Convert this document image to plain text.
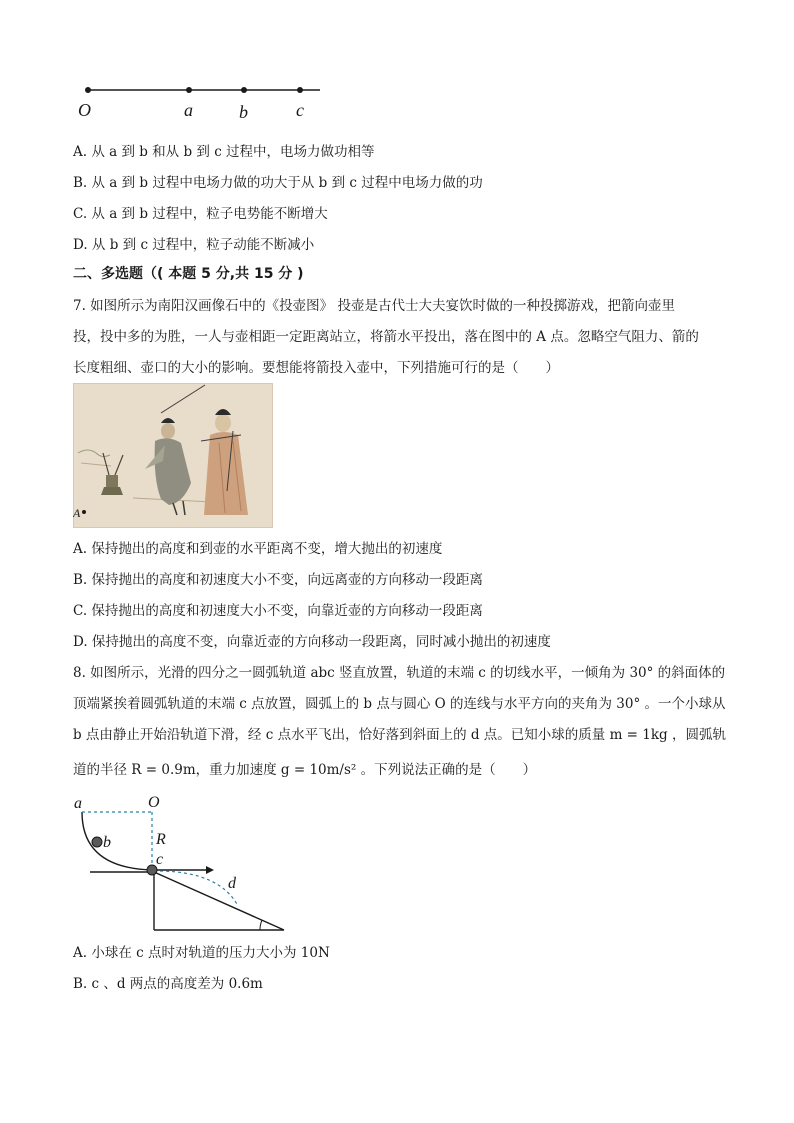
O	a	b	c
A. 从 a 到 b 和从 b 到 c 过程中，电场力做功相等
B. 从 a 到 b 过程中电场力做的功大于从 b 到 c 过程中电场力做的功
C. 从 a 到 b 过程中，粒子电势能不断增大
D. 从 b 到 c 过程中，粒子动能不断减小
二、多选题（( 本题 5 分,共 15 分 )
7. 如图所示为南阳汉画像石中的《投壶图》 投壶是古代士大夫宴饮时做的一种投掷游戏，把箭向壶里
投，投中多的为胜，一人与壶相距一定距离站立，将箭水平投出，落在图中的 A 点。忽略空气阻力、箭的
长度粗细、壶口的大小的影响。要想能将箭投入壶中，下列措施可行的是（　　）
A
A. 保持抛出的高度和到壶的水平距离不变，增大抛出的初速度
B. 保持抛出的高度和初速度大小不变，向远离壶的方向移动一段距离
C. 保持抛出的高度和初速度大小不变，向靠近壶的方向移动一段距离
D. 保持抛出的高度不变，向靠近壶的方向移动一段距离，同时减小抛出的初速度
8. 如图所示，光滑的四分之一圆弧轨道 abc 竖直放置，轨道的末端 c 的切线水平，一倾角为 30° 的斜面体的
顶端紧挨着圆弧轨道的末端 c 点放置，圆弧上的 b 点与圆心 O 的连线与水平方向的夹角为 30° 。一个小球从
b 点由静止开始沿轨道下滑，经 c 点水平飞出，恰好落到斜面上的 d 点。已知小球的质量 m = 1kg ，圆弧轨
道的半径 R = 0.9m，重力加速度 g = 10m/s² 。下列说法正确的是（　　）
a	O
R
b
c
d
A. 小球在 c 点时对轨道的压力大小为 10N
B. c 、d 两点的高度差为 0.6m
